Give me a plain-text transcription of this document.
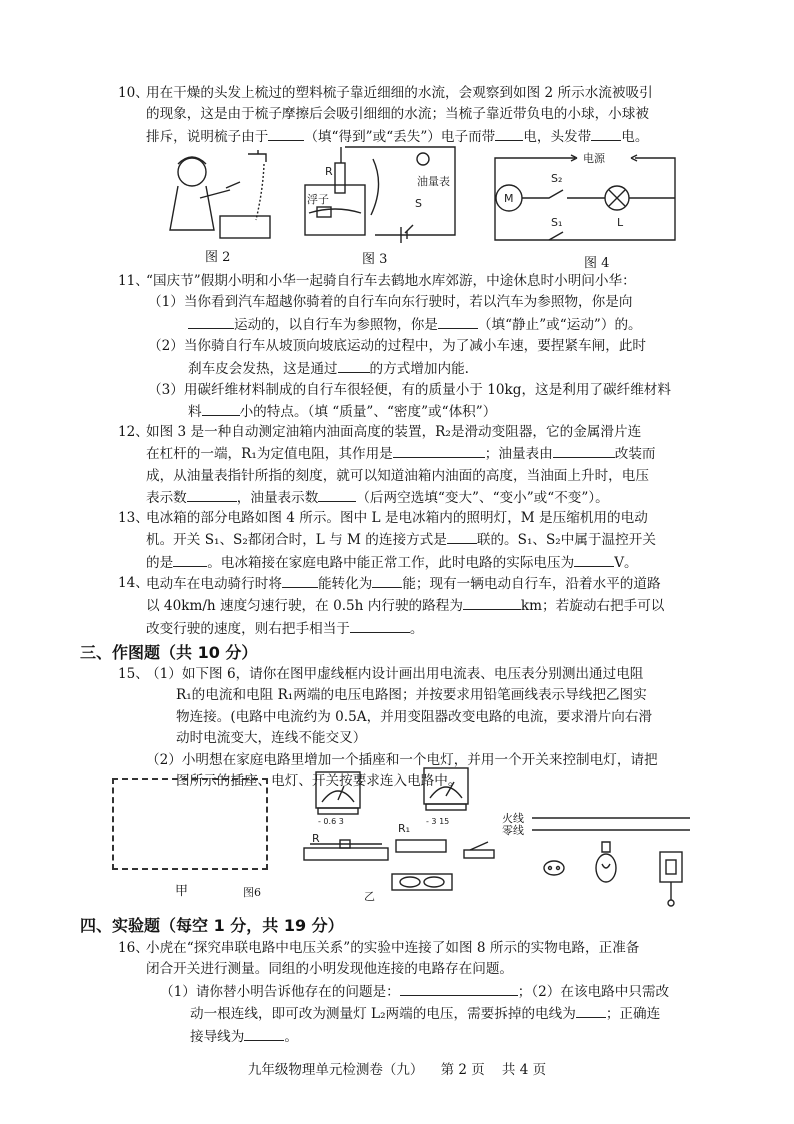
10、
用在干燥的头发上梳过的塑料梳子靠近细细的水流，会观察到如图 2 所示水流被吸引
的现象，这是由于梳子摩擦后会吸引细细的水流；当梳子靠近带负电的小球，小球被
排斥，说明梳子由于	（填“得到”或“丢失”）电子而带 电，头发带 电。
图 2
浮子
R
油量表
S
图 3
电源
M
S₂
L
S₁
图 4
11、
“国庆节”假期小明和小华一起骑自行车去鹤地水库郊游，中途休息时小明问小华：
（1）当你看到汽车超越你骑着的自行车向东行驶时，若以汽车为参照物，你是向
运动的，以自行车为参照物，你是	（填“静止”或“运动”）的。
（2）当你骑自行车从坡顶向坡底运动的过程中，为了减小车速，要捏紧车闸，此时
刹车皮会发热，这是通过 的方式增加内能.
（3）用碳纤维材料制成的自行车很轻便，有的质量小于 10kg，这是利用了碳纤维材料
料	小的特点。（填 “质量”、“密度”或“体积”）
12、
如图 3 是一种自动测定油箱内油面高度的装置，R₂是滑动变阻器，它的金属滑片连
在杠杆的一端，R₁为定值电阻，其作用是	；油量表由	改装而
成，从油量表指针所指的刻度，就可以知道油箱内油面的高度，当油面上升时，电压
表示数	，油量表示数	（后两空选填“变大”、“变小”或“不变”）。
13、
电冰箱的部分电路如图 4 所示。图中 L 是电冰箱内的照明灯，M 是压缩机用的电动
机。开关 S₁、S₂都闭合时，L 与 M 的连接方式是 联的。S₁、S₂中属于温控开关
的是	。电冰箱接在家庭电路中能正常工作，此时电路的实际电压为	V。
14、
电动车在电动骑行时将	能转化为 能；现有一辆电动自行车，沿着水平的道路
以 40km/h 速度匀速行驶，在 0.5h 内行驶的路程为	km；若旋动右把手可以
改变行驶的速度，则右把手相当于	。
三、作图题（共 10 分）
15、
（1）如下图 6，请你在图甲虚线框内设计画出用电流表、电压表分别测出通过电阻
R₁的电流和电阻 R₁两端的电压电路图；并按要求用铅笔画线表示导线把乙图实
物连接。(电路中电流约为 0.5A，并用变阻器改变电路的电流，要求滑片向右滑
动时电流变大，连线不能交叉）
（2）小明想在家庭电路里增加一个插座和一个电灯，并用一个开关来控制电灯，请把
图所示的插座、电灯、开关按要求连入电路中。
甲	图6
- 0.6 3	- 3 15
R
R₁
乙
火线
零线
四、实验题（每空 1 分，共 19 分）
16、
小虎在“探究串联电路中电压关系”的实验中连接了如图 8 所示的实物电路，正准备
闭合开关进行测量。同组的小明发现他连接的电路存在问题。
（1）请你替小明告诉他存在的问题是：	；（2）在该电路中只需改
动一根连线，即可改为测量灯 L₂两端的电压，需要拆掉的电线为 ；正确连
接导线为	。
九年级物理单元检测卷（九）    第 2 页    共 4 页
